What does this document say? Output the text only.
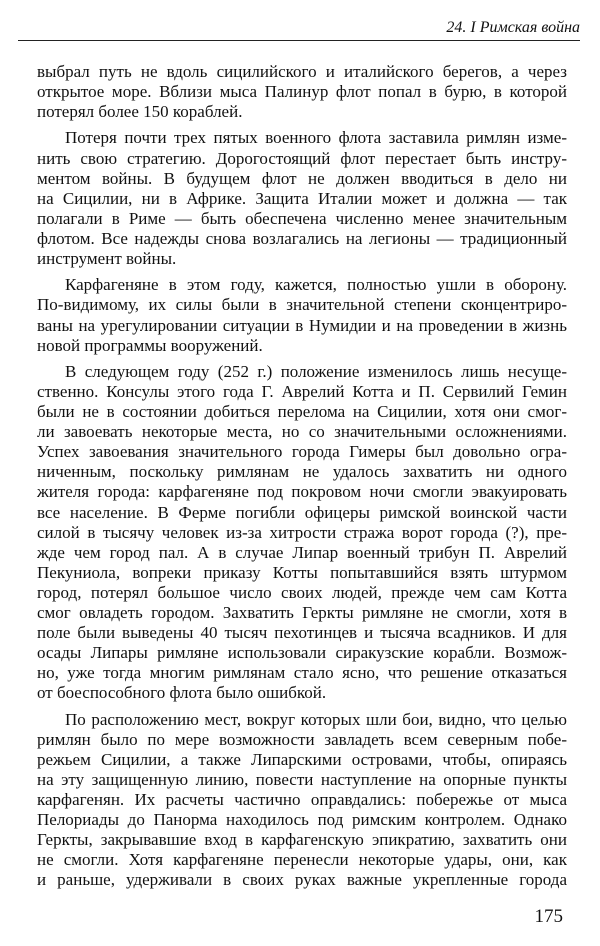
24. I Римская война

выбрал путь не вдоль сицилийского и италийского берегов, а через
открытое море. Вблизи мыса Палинур флот попал в бурю, в которой
потерял более 150 кораблей.

Потеря почти трех пятых военного флота заставила римлян изме-
нить свою стратегию. Дорогостоящий флот перестает быть инстру-
ментом войны. В будущем флот не должен вводиться в дело ни
на Сицилии, ни в Африке. Защита Италии может и должна — так
полагали в Риме — быть обеспечена численно менее значительным
флотом. Все надежды снова возлагались на легионы — традиционный
инструмент войны.

Карфагеняне в этом году, кажется, полностью ушли в оборону.
По-видимому, их силы были в значительной степени сконцентриро-
ваны на урегулировании ситуации в Нумидии и на проведении в жизнь
новой программы вооружений.

В следующем году (252 г.) положение изменилось лишь несуще-
ственно. Консулы этого года Г. Аврелий Котта и П. Сервилий Гемин
были не в состоянии добиться перелома на Сицилии, хотя они смог-
ли завоевать некоторые места, но со значительными осложнениями.
Успех завоевания значительного города Гимеры был довольно огра-
ниченным, поскольку римлянам не удалось захватить ни одного
жителя города: карфагеняне под покровом ночи смогли эвакуировать
все население. В Ферме погибли офицеры римской воинской части
силой в тысячу человек из-за хитрости стража ворот города (?), пре-
жде чем город пал. А в случае Липар военный трибун П. Аврелий
Пекуниола, вопреки приказу Котты попытавшийся взять штурмом
город, потерял большое число своих людей, прежде чем сам Котта
смог овладеть городом. Захватить Геркты римляне не смогли, хотя в
поле были выведены 40 тысяч пехотинцев и тысяча всадников. И для
осады Липары римляне использовали сиракузские корабли. Возмож-
но, уже тогда многим римлянам стало ясно, что решение отказаться
от боеспособного флота было ошибкой.

По расположению мест, вокруг которых шли бои, видно, что целью
римлян было по мере возможности завладеть всем северным побе-
режьем Сицилии, а также Липарскими островами, чтобы, опираясь
на эту защищенную линию, повести наступление на опорные пункты
карфагенян. Их расчеты частично оправдались: побережье от мыса
Пелориады до Панорма находилось под римским контролем. Однако
Геркты, закрывавшие вход в карфагенскую эпикратию, захватить они
не смогли. Хотя карфагеняне перенесли некоторые удары, они, как
и раньше, удерживали в своих руках важные укрепленные города

175
